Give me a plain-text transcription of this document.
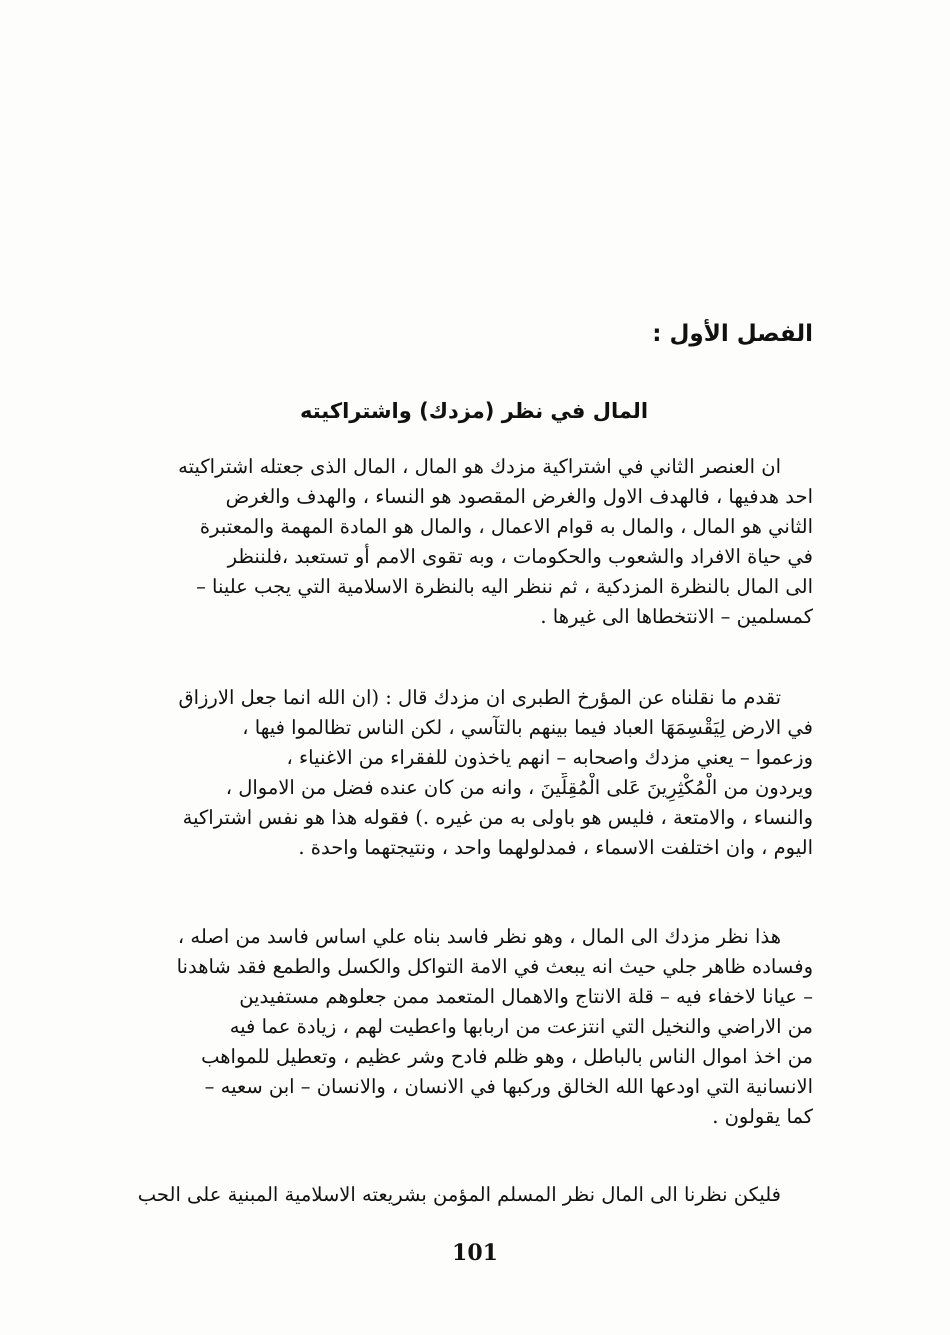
الفصل الأول :
المال في نظر (مزدك) واشتراكيته
ان العنصر الثاني في اشتراكية مزدك هو المال ، المال الذى جعتله اشتراكيته
احد هدفيها ، فالهدف الاول والغرض المقصود هو النساء ، والهدف والغرض
الثاني هو المال ، والمال به قوام الاعمال ، والمال هو المادة المهمة والمعتبرة
في حياة الافراد والشعوب والحكومات ، وبه تقوى الامم أو تستعبد ،فلننظر
الى المال بالنظرة المزدكية ، ثم ننظر اليه بالنظرة الاسلامية التي يجب علينا –
كمسلمين – الانتخطاها الى غيرها .
تقدم ما نقلناه عن المؤرخ الطبرى ان مزدك قال : (ان الله انما جعل الارزاق
في الارض لِيَقْسِمَهَا العباد فيما بينهم بالتآسي ، لكن الناس تظالموا فيها ،
وزعموا – يعني مزدك واصحابه – انهم ياخذون للفقراء من الاغنياء ،
ويردون من الْمُكْثِرِينَ عَلى الْمُقِلِّينَ ، وانه من كان عنده فضل من الاموال ،
والنساء ، والامتعة ، فليس هو باولى به من غيره .) فقوله هذا هو نفس اشتراكية
اليوم ، وان اختلفت الاسماء ، فمدلولهما واحد ، ونتيجتهما واحدة .
هذا نظر مزدك الى المال ، وهو نظر فاسد بناه علي اساس فاسد من اصله ،
وفساده ظاهر جلي حيث انه يبعث في الامة التواكل والكسل والطمع فقد شاهدنا
– عيانا لاخفاء فيه – قلة الانتاج والاهمال المتعمد ممن جعلوهم مستفيدين
من الاراضي والنخيل التي انتزعت من اربابها واعطيت لهم ، زيادة عما فيه
من اخذ اموال الناس بالباطل ، وهو ظلم فادح وشر عظيم ، وتعطيل للمواهب
الانسانية التي اودعها الله الخالق وركبها في الانسان ، والانسان – ابن سعيه –
كما يقولون .
فليكن نظرنا الى المال نظر المسلم المؤمن بشريعته الاسلامية المبنية على الحب
101
